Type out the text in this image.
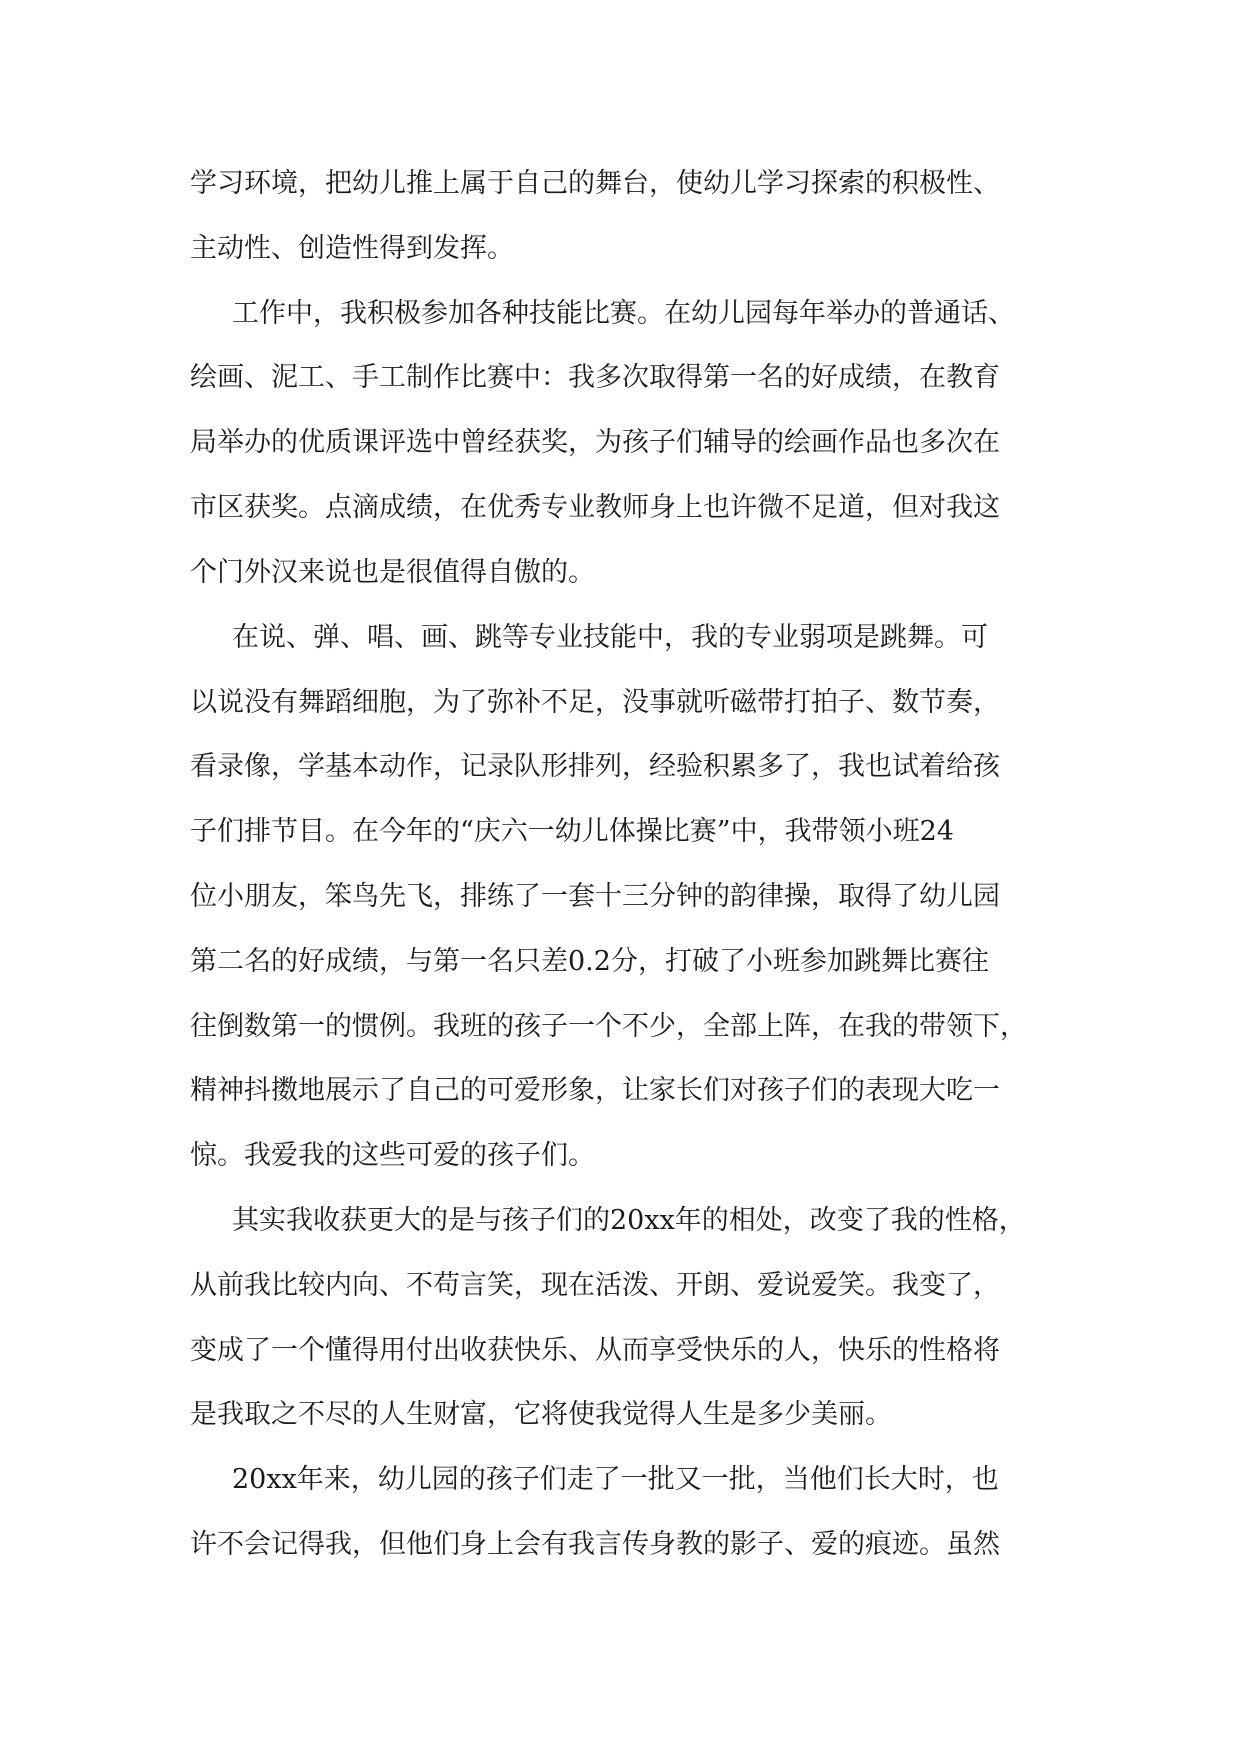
学习环境，把幼儿推上属于自己的舞台，使幼儿学习探索的积极性、

主动性、创造性得到发挥。

工作中，我积极参加各种技能比赛。在幼儿园每年举办的普通话、

绘画、泥工、手工制作比赛中：我多次取得第一名的好成绩，在教育

局举办的优质课评选中曾经获奖，为孩子们辅导的绘画作品也多次在

市区获奖。点滴成绩，在优秀专业教师身上也许微不足道，但对我这

个门外汉来说也是很值得自傲的。

在说、弹、唱、画、跳等专业技能中，我的专业弱项是跳舞。可

以说没有舞蹈细胞，为了弥补不足，没事就听磁带打拍子、数节奏，

看录像，学基本动作，记录队形排列，经验积累多了，我也试着给孩

子们排节目。在今年的“庆六一幼儿体操比赛”中，我带领小班24

位小朋友，笨鸟先飞，排练了一套十三分钟的韵律操，取得了幼儿园

第二名的好成绩，与第一名只差0.2分，打破了小班参加跳舞比赛往

往倒数第一的惯例。我班的孩子一个不少，全部上阵，在我的带领下，

精神抖擞地展示了自己的可爱形象，让家长们对孩子们的表现大吃一

惊。我爱我的这些可爱的孩子们。

其实我收获更大的是与孩子们的20xx年的相处，改变了我的性格，

从前我比较内向、不苟言笑，现在活泼、开朗、爱说爱笑。我变了，

变成了一个懂得用付出收获快乐、从而享受快乐的人，快乐的性格将

是我取之不尽的人生财富，它将使我觉得人生是多少美丽。

20xx年来，幼儿园的孩子们走了一批又一批，当他们长大时，也

许不会记得我，但他们身上会有我言传身教的影子、爱的痕迹。虽然
